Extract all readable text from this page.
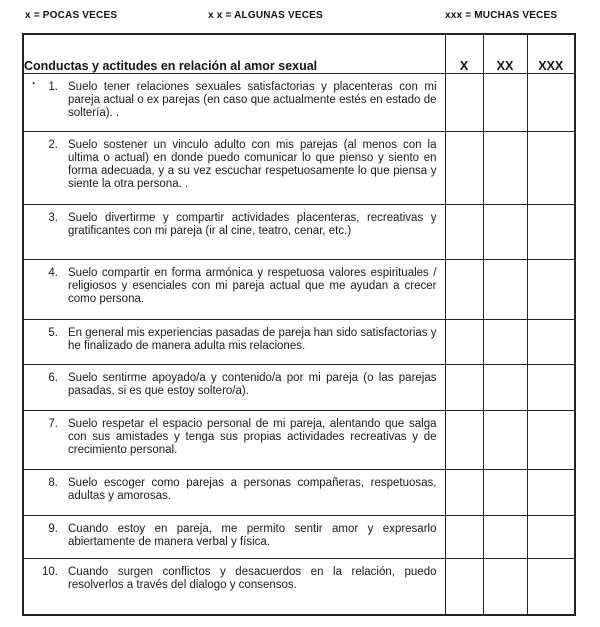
x = POCAS VECES	x x = ALGUNAS VECES	xxx = MUCHAS VECES
Conductas y actitudes en relación al amor sexual	X	XX	XXX

1. Suelo tener relaciones sexuales satisfactorias y placenteras con mi pareja actual o ex parejas (en caso que actualmente estés en estado de soltería). .
.			

2. Suelo sostener un vinculo adulto con mis parejas (al menos con la ultima o actual) en donde puedo comunicar lo que pienso y siento en forma adecuada, y a su vez escuchar respetuosamente lo que piensa y siente la otra persona. .			

3. Suelo divertirme y compartir actividades placenteras, recreativas y gratificantes con mi pareja (ir al cine, teatro, cenar, etc.)			

4. Suelo compartir en forma armónica y respetuosa valores espirituales / religiosos y esenciales con mi pareja actual que me ayudan a crecer como persona.			

5. En general mis experiencias pasadas de pareja han sido satisfactorias y he finalizado de manera adulta mis relaciones.			

6. Suelo sentirme apoyado/a y contenido/a por mi pareja (o las parejas pasadas, si es que estoy soltero/a).			

7. Suelo respetar el espacio personal de mi pareja, alentando que salga con sus amistades y tenga sus propias actividades recreativas y de crecimiento personal.			

8. Suelo escoger como parejas a personas compañeras, respetuosas, adultas y amorosas.			

9. Cuando estoy en pareja, me permito sentir amor y expresarlo abiertamente de manera verbal y física.			

10. Cuando surgen conflictos y desacuerdos en la relación, puedo resolverlos a través del dialogo y consensos.			
